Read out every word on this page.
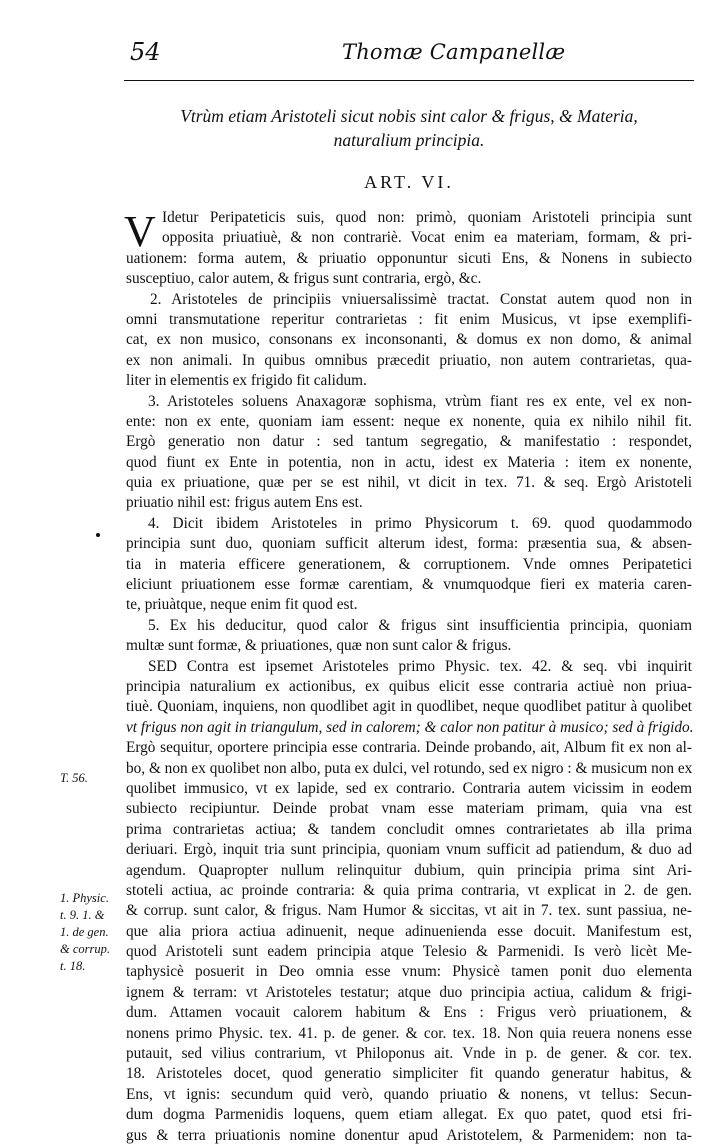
54	Thomæ Campanellæ
Vtrùm etiam Aristoteli sicut nobis sint calor & frigus, & Materia,
naturalium principia.
ART. VI.
V Idetur Peripateticis suis, quod non: primò, quoniam Aristoteli principia sunt
opposita priuatiuè, & non contrariè. Vocat enim ea materiam, formam, & pri-
uationem: forma autem, & priuatio opponuntur sicuti Ens, & Nonens in subiecto
susceptiuo, calor autem, & frigus sunt contraria, ergò, &c.
2. Aristoteles de principiis vniuersalissimè tractat. Constat autem quod non in
omni transmutatione reperitur contrarietas : fit enim Musicus, vt ipse exemplifi-
cat, ex non musico, consonans ex inconsonanti, & domus ex non domo, & animal
ex non animali. In quibus omnibus præcedit priuatio, non autem contrarietas, qua-
liter in elementis ex frigido fit calidum.
3. Aristoteles soluens Anaxagoræ sophisma, vtrùm fiant res ex ente, vel ex non-
ente: non ex ente, quoniam iam essent: neque ex nonente, quia ex nihilo nihil fit.
Ergò generatio non datur : sed tantum segregatio, & manifestatio : respondet,
quod fiunt ex Ente in potentia, non in actu, idest ex Materia : item ex nonente,
quia ex priuatione, quæ per se est nihil, vt dicit in tex. 71. & seq. Ergò Aristoteli
priuatio nihil est: frigus autem Ens est.
4. Dicit ibidem Aristoteles in primo Physicorum t. 69. quod quodammodo
principia sunt duo, quoniam sufficit alterum idest, forma: præsentia sua, & absen-
tia in materia efficere generationem, & corruptionem. Vnde omnes Peripatetici
eliciunt priuationem esse formæ carentiam, & vnumquodque fieri ex materia caren-
te, priuàtque, neque enim fit quod est.
5. Ex his deducitur, quod calor & frigus sint insufficientia principia, quoniam
multæ sunt formæ, & priuationes, quæ non sunt calor & frigus.
SED Contra est ipsemet Aristoteles primo Physic. tex. 42. & seq. vbi inquirit
principia naturalium ex actionibus, ex quibus elicit esse contraria actiuè non priua-
tiuè. Quoniam, inquiens, non quodlibet agit in quodlibet, neque quodlibet patitur à quolibet
vt frigus non agit in triangulum, sed in calorem; & calor non patitur à musico; sed à frigido.
Ergò sequitur, oportere principia esse contraria. Deinde probando, ait, Album fit ex non al-
bo, & non ex quolibet non albo, puta ex dulci, vel rotundo, sed ex nigro : & musicum non ex
quolibet immusico, vt ex lapide, sed ex contrario. Contraria autem vicissim in eodem
subiecto recipiuntur. Deinde probat vnam esse materiam primam, quia vna est
prima contrarietas actiua; & tandem concludit omnes contrarietates ab illa prima
deriuari. Ergò, inquit tria sunt principia, quoniam vnum sufficit ad patiendum, & duo ad
agendum. Quapropter nullum relinquitur dubium, quin principia prima sint Ari-
stoteli actiua, ac proinde contraria: & quia prima contraria, vt explicat in 2. de gen.
& corrup. sunt calor, & frigus. Nam Humor & siccitas, vt ait in 7. tex. sunt passiua, ne-
que alia priora actiua adinuenit, neque adinuenienda esse docuit. Manifestum est,
quod Aristoteli sunt eadem principia atque Telesio & Parmenidi. Is verò licèt Me-
taphysicè posuerit in Deo omnia esse vnum: Physicè tamen ponit duo elementa
ignem & terram: vt Aristoteles testatur; atque duo principia actiua, calidum & frigi-
dum. Attamen vocauit calorem habitum & Ens : Frigus verò priuationem, &
nonens primo Physic. tex. 41. p. de gener. & cor. tex. 18. Non quia reuera nonens esse
putauit, sed vilius contrarium, vt Philoponus ait. Vnde in p. de gener. & cor. tex.
18. Aristoteles docet, quod generatio simpliciter fit quando generatur habitus, &
Ens, vt ignis: secundum quid verò, quando priuatio & nonens, vt tellus: Secun-
dum dogma Parmenidis loquens, quem etiam allegat. Ex quo patet, quod etsi fri-
gus & terra priuationis nomine donentur apud Aristotelem, & Parmenidem: non ta-
T. 56.
1. Physic.
t. 9. 1. &
1. de gen.
& corrup.
t. 18.
